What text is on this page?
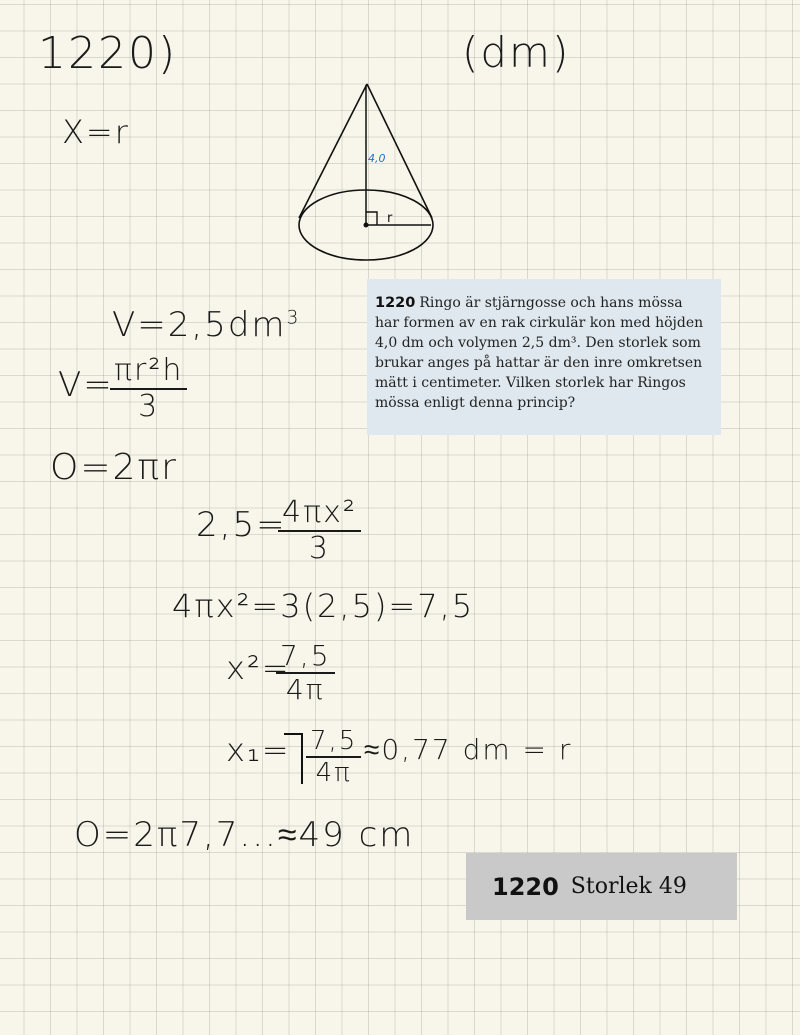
1220)	(dm)
X=r
4,0
r
1220 Ringo är stjärngosse och hans mössa har formen av en rak cirkulär kon med höjden 4,0 dm och volymen 2,5 dm³. Den storlek som brukar anges på hattar är den inre omkretsen mätt i centimeter. Vilken storlek har Ringos mössa enligt denna princip?
$V=2,5dm^3$
V=
$\frac{\text{πr²h}}{3}$
O=2πr
2,5=
$\frac{\text{4πx²}}{3}$
4πx²=3(2,5)=7,5
x²=
$\frac{7,5}{4\pi}$
$x_1= \frac{7,5}{4\pi} \approx 0,77$ dm = r
O=2π7,7...≈49 cm
1220 Storlek 49
